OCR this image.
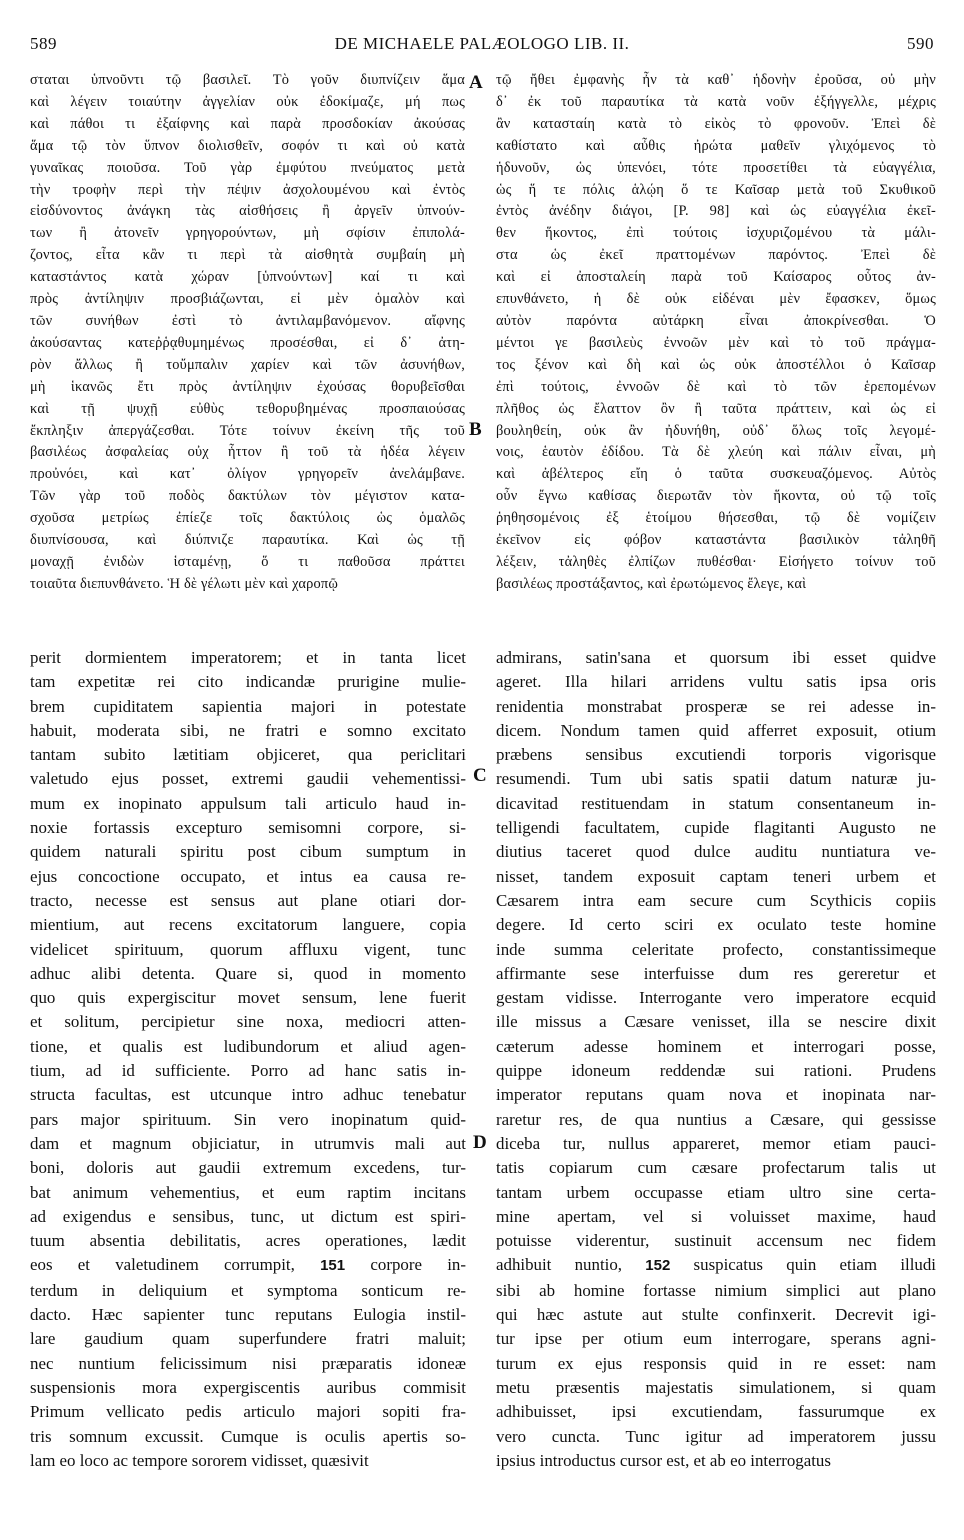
589	DE MICHAELE PALÆOLOGO LIB. II.	590
σταται ὑπνοῦντι τῷ βασιλεῖ. Τὸ γοῦν διυπνίζειν ἅμα
καὶ λέγειν τοιαύτην ἀγγελίαν οὐκ ἐδοκίμαζε, μή πως
καὶ πάθοι τι ἐξαίφνης καὶ παρὰ προσδοκίαν ἀκούσας
ἅμα τῷ τὸν ὕπνον διολισθεῖν, σοφόν τι καὶ οὐ κατὰ
γυναῖκας ποιοῦσα. Τοῦ γὰρ ἐμφύτου πνεύματος μετὰ
τὴν τροφὴν περὶ τὴν πέψιν ἀσχολουμένου καὶ ἐντὸς
εἰσδύνοντος ἀνάγκη τὰς αἰσθήσεις ἢ ἀργεῖν ὑπνούν-
των ἢ ἀτονεῖν γρηγορούντων, μὴ σφίσιν ἐπιπολά-
ζοντος, εἶτα κἂν τι περὶ τὰ αἰσθητὰ συμβαίη μὴ
καταστάντος κατὰ χώραν [ὑπνούντων] καί τι καὶ
πρὸς ἀντίληψιν προσβιάζωνται, εἰ μὲν ὁμαλὸν καὶ
τῶν συνήθων ἐστὶ τὸ ἀντιλαμβανόμενον. αἴφνης
ἀκούσαντας κατεῤῥᾳθυμημένως προσέσθαι, εἰ δ᾽ ἀτη-
ρὸν ἄλλως ἢ τοὔμπαλιν χαρίεν καὶ τῶν ἀσυνήθων,
μὴ ἱκανῶς ἔτι πρὸς ἀντίληψιν ἐχούσας θορυβεῖσθαι
καὶ τῇ ψυχῇ εὐθὺς τεθορυβημένας προσπαιούσας
ἔκπληξιν ἀπεργάζεσθαι. Τότε τοίνυν ἐκείνη τῆς τοῦ
βασιλέως ἀσφαλείας οὐχ ἧττον ἢ τοῦ τὰ ἡδέα λέγειν
προὐνόει, καὶ κατ᾽ ὀλίγον γρηγορεῖν ἀνελάμβανε.
Τῶν γὰρ τοῦ ποδὸς δακτύλων τὸν μέγιστον κατα-
σχοῦσα μετρίως ἐπίεζε τοῖς δακτύλοις ὡς ὁμαλῶς
διυπνίσουσα, καὶ διύπνιζε παραυτίκα. Καὶ ὡς τῇ
μοναχῇ ἐνιδὼν ἱσταμένῃ, ὅ τι παθοῦσα πράττει
τοιαῦτα διεπυνθάνετο. Ἡ δὲ γέλωτι μὲν καὶ χαροπῷ
τῷ ἤθει ἐμφανὴς ἦν τὰ καθ᾽ ἡδονὴν ἐροῦσα, οὐ μὴν
δ᾽ ἐκ τοῦ παραυτίκα τὰ κατὰ νοῦν ἐξήγγελλε, μέχρις
ἂν κατασταίη κατὰ τὸ εἰκὸς τὸ φρονοῦν. Ἐπεὶ δὲ
καθίστατο καὶ αὖθις ἠρώτα μαθεῖν γλιχόμενος τὸ
ἡδυνοῦν, ὡς ὑπενόει, τότε προσετίθει τὰ εὐαγγέλια,
ὡς ἥ τε πόλις ἁλῴη ὅ τε Καῖσαρ μετὰ τοῦ Σκυθικοῦ
ἐντὸς ἀνέδην διάγοι, [P. 98] καὶ ὡς εὐαγγέλια ἐκεῖ-
θεν ἥκοντος, ἐπὶ τούτοις ἰσχυριζομένου τὰ μάλι-
στα ὡς ἐκεῖ πραττομένων παρόντος. Ἐπεὶ δὲ
καὶ εἰ ἀποσταλείη παρὰ τοῦ Καίσαρος οὗτος ἀν-
επυνθάνετο, ἡ δὲ οὐκ εἰδέναι μὲν ἔφασκεν, ὅμως
αὐτὸν παρόντα αὐτάρκη εἶναι ἀποκρίνεσθαι. Ὁ
μέντοι γε βασιλεὺς ἐννοῶν μὲν καὶ τὸ τοῦ πράγμα-
τος ξένον καὶ δὴ καὶ ὡς οὐκ ἀποστέλλοι ὁ Καῖσαρ
ἐπὶ τούτοις, ἐννοῶν δὲ καὶ τὸ τῶν ἑρεπομένων
πλῆθος ὡς ἔλαττον ὂν ἢ ταῦτα πράττειν, καὶ ὡς εἰ
βουληθείη, οὐκ ἂν ἠδυνήθη, οὐδ᾽ ὅλως τοῖς λεγομέ-
νοις, ἑαυτὸν ἐδίδου. Τὰ δὲ χλεύη καὶ πάλιν εἶναι, μὴ
καὶ ἀβέλτερος εἴη ὁ ταῦτα συσκευαζόμενος. Αὐτὸς
οὖν ἔγνω καθίσας διερωτᾶν τὸν ἥκοντα, οὐ τῷ τοῖς
ῥηθησομένοις ἐξ ἑτοίμου θήσεσθαι, τῷ δὲ νομίζειν
ἐκεῖνον εἰς φόβον καταστάντα βασιλικὸν τἀληθῆ
λέξειν, τἀληθὲς ἐλπίζων πυθέσθαι· Εἰσήγετο τοίνυν τοῦ
βασιλέως προστάξαντος, καὶ ἐρωτώμενος ἔλεγε, καὶ
perit dormientem imperatorem; et in tanta licet
tam expetitæ rei cito indicandæ prurigine mulie-
brem cupiditatem sapientia majori in potestate
habuit, moderata sibi, ne fratri e somno excitato
tantam subito lætitiam objiceret, qua periclitari
valetudo ejus posset, extremi gaudii vehementissi-
mum ex inopinato appulsum tali articulo haud in-
noxie fortassis excepturo semisomni corpore, si-
quidem naturali spiritu post cibum sumptum in
ejus concoctione occupato, et intus ea causa re-
tracto, necesse est sensus aut plane otiari dor-
mientium, aut recens excitatorum languere, copia
videlicet spirituum, quorum affluxu vigent, tunc
adhuc alibi detenta. Quare si, quod in momento
quo quis expergiscitur movet sensum, lene fuerit
et solitum, percipietur sine noxa, mediocri atten-
tione, et qualis est ludibundorum et aliud agen-
tium, ad id sufficiente. Porro ad hanc satis in-
structa facultas, est utcunque intro adhuc tenebatur
pars major spirituum. Sin vero inopinatum quid-
dam et magnum objiciatur, in utrumvis mali aut
boni, doloris aut gaudii extremum excedens, tur-
bat animum vehementius, et eum raptim incitans
ad exigendus e sensibus, tunc, ut dictum est spiri-
tuum absentia debilitatis, acres operationes, lædit
eos et valetudinem corrumpit, 151 corpore in-
terdum in deliquium et symptoma sonticum re-
dacto. Hæc sapienter tunc reputans Eulogia instil-
lare gaudium quam superfundere fratri maluit;
nec nuntium felicissimum nisi præparatis idoneæ
suspensionis mora expergiscentis auribus commisit
Primum vellicato pedis articulo majori sopiti fra-
tris somnum excussit. Cumque is oculis apertis so-
lam eo loco ac tempore sororem vidisset, quæsivit
admirans, satin'sana et quorsum ibi esset quidve
ageret. Illa hilari arridens vultu satis ipsa oris
renidentia monstrabat prosperæ se rei adesse in-
dicem. Nondum tamen quid afferret exposuit, otium
præbens sensibus excutiendi torporis vigorisque
resumendi. Tum ubi satis spatii datum naturæ ju-
dicavitad restituendam in statum consentaneum in-
telligendi facultatem, cupide flagitanti Augusto ne
diutius taceret quod dulce auditu nuntiatura ve-
nisset, tandem exposuit captam teneri urbem et
Cæsarem intra eam secure cum Scythicis copiis
degere. Id certo sciri ex oculato teste homine
inde summa celeritate profecto, constantissimeque
affirmante sese interfuisse dum res gereretur et
gestam vidisse. Interrogante vero imperatore ecquid
ille missus a Cæsare venisset, illa se nescire dixit
cæterum adesse hominem et interrogari posse,
quippe idoneum reddendæ sui rationi. Prudens
imperator reputans quam nova et inopinata nar-
raretur res, de qua nuntius a Cæsare, qui gessisse
diceba tur, nullus appareret, memor etiam pauci-
tatis copiarum cum cæsare profectarum talis ut
tantam urbem occupasse etiam ultro sine certa-
mine apertam, vel si voluisset maxime, haud
potuisse viderentur, sustinuit accensum nec fidem
adhibuit nuntio, 152 suspicatus quin etiam illudi
sibi ab homine fortasse nimium simplici aut plano
qui hæc astute aut stulte confinxerit. Decrevit igi-
tur ipse per otium eum interrogare, sperans agni-
turum ex ejus responsis quid in re esset: nam
metu præsentis majestatis simulationem, si quam
adhibuisset, ipsi excutiendam, fassurumque ex
vero cuncta. Tunc igitur ad imperatorem jussu
ipsius introductus cursor est, et ab eo interrogatus
A
B
C
D
